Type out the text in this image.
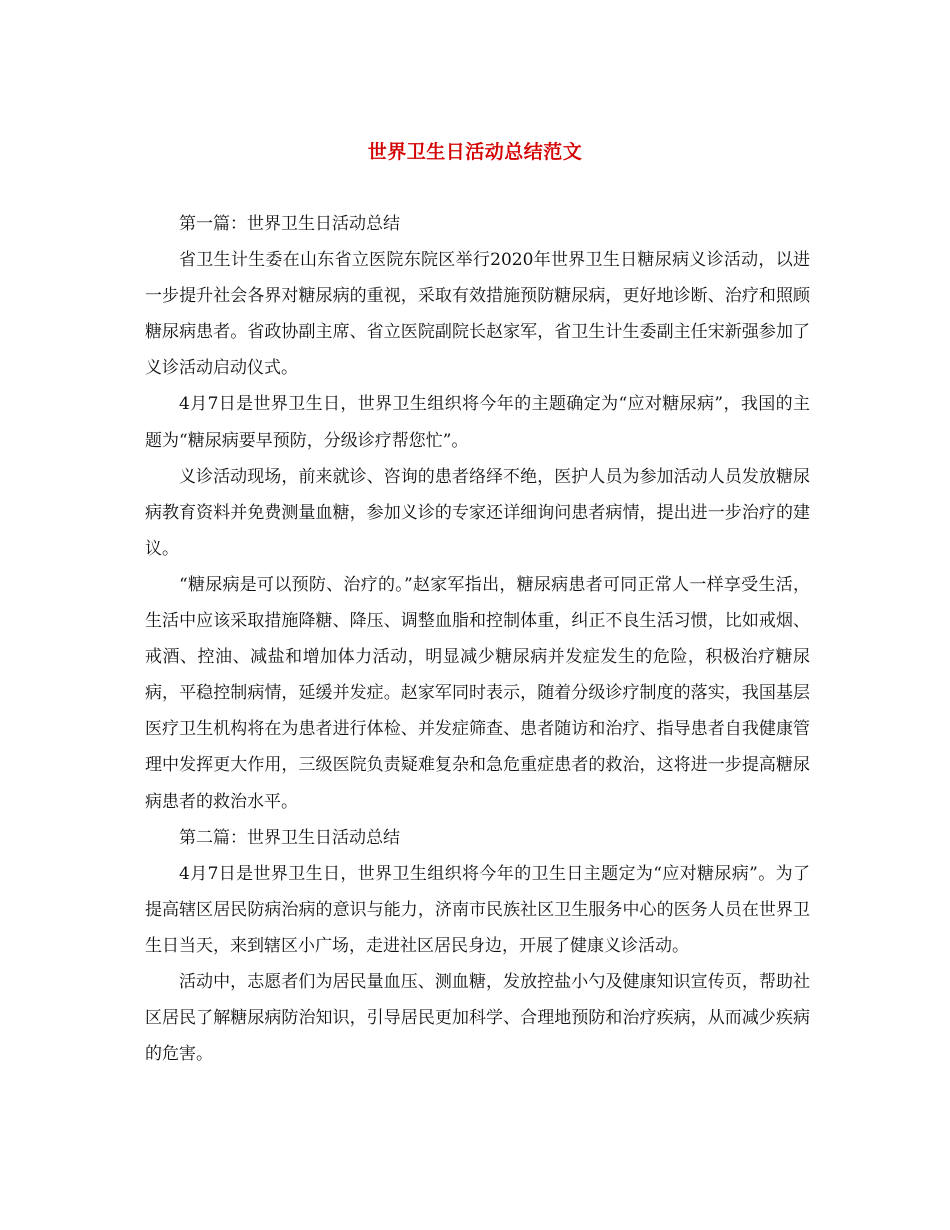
世界卫生日活动总结范文

第一篇：世界卫生日活动总结

省卫生计生委在山东省立医院东院区举行2020年世界卫生日糖尿病义诊活动，以进一步提升社会各界对糖尿病的重视，采取有效措施预防糖尿病，更好地诊断、治疗和照顾糖尿病患者。省政协副主席、省立医院副院长赵家军，省卫生计生委副主任宋新强参加了义诊活动启动仪式。

4月7日是世界卫生日，世界卫生组织将今年的主题确定为“应对糖尿病”，我国的主题为“糖尿病要早预防，分级诊疗帮您忙”。

义诊活动现场，前来就诊、咨询的患者络绎不绝，医护人员为参加活动人员发放糖尿病教育资料并免费测量血糖，参加义诊的专家还详细询问患者病情，提出进一步治疗的建议。

“糖尿病是可以预防、治疗的。”赵家军指出，糖尿病患者可同正常人一样享受生活，生活中应该采取措施降糖、降压、调整血脂和控制体重，纠正不良生活习惯，比如戒烟、戒酒、控油、减盐和增加体力活动，明显减少糖尿病并发症发生的危险，积极治疗糖尿病，平稳控制病情，延缓并发症。赵家军同时表示，随着分级诊疗制度的落实，我国基层医疗卫生机构将在为患者进行体检、并发症筛查、患者随访和治疗、指导患者自我健康管理中发挥更大作用，三级医院负责疑难复杂和急危重症患者的救治，这将进一步提高糖尿病患者的救治水平。

第二篇：世界卫生日活动总结

4月7日是世界卫生日，世界卫生组织将今年的卫生日主题定为“应对糖尿病”。为了提高辖区居民防病治病的意识与能力，济南市民族社区卫生服务中心的医务人员在世界卫生日当天，来到辖区小广场，走进社区居民身边，开展了健康义诊活动。

活动中，志愿者们为居民量血压、测血糖，发放控盐小勺及健康知识宣传页，帮助社区居民了解糖尿病防治知识，引导居民更加科学、合理地预防和治疗疾病，从而减少疾病的危害。
